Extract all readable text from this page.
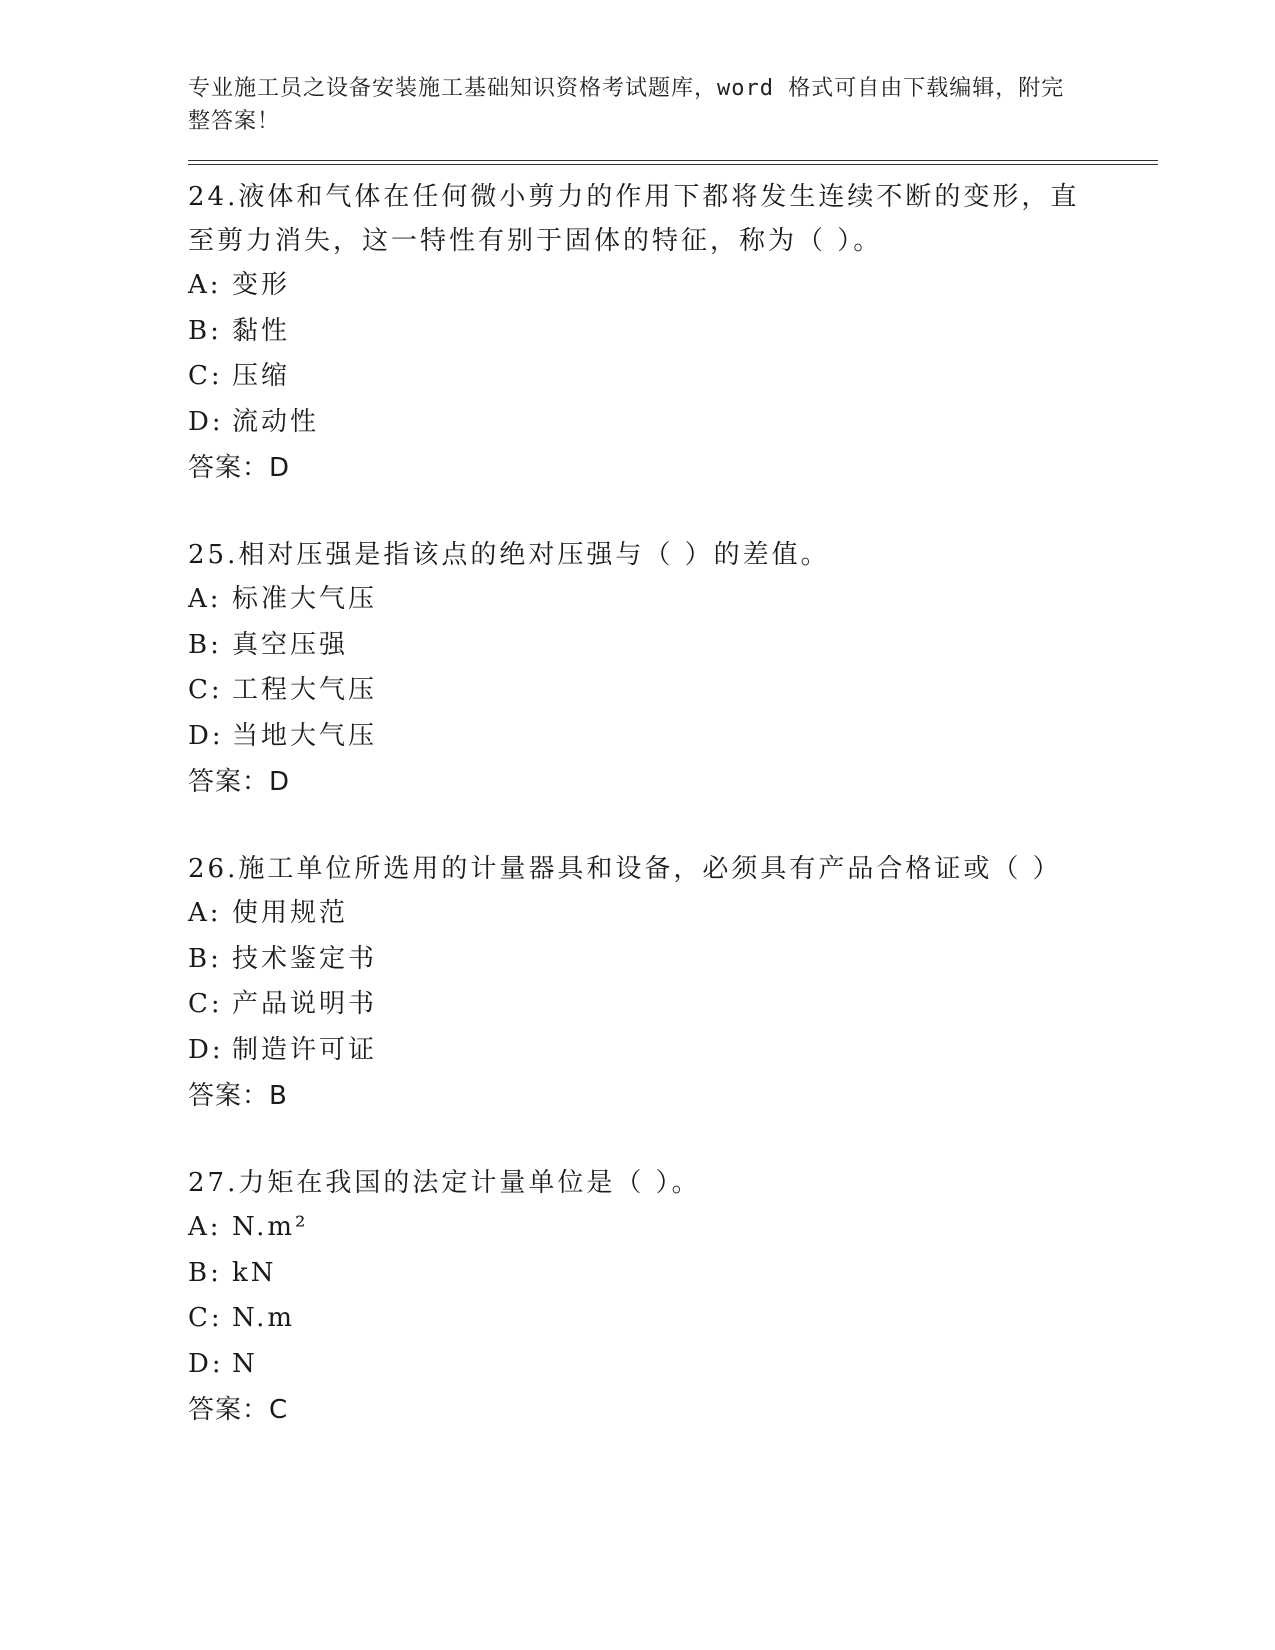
专业施工员之设备安装施工基础知识资格考试题库，word 格式可自由下载编辑，附完整答案！
24.液体和气体在任何微小剪力的作用下都将发生连续不断的变形，直至剪力消失，这一特性有别于固体的特征，称为（ ）。
A: 变形
B: 黏性
C: 压缩
D: 流动性
答案：D
25.相对压强是指该点的绝对压强与（ ）的差值。
A: 标准大气压
B: 真空压强
C: 工程大气压
D: 当地大气压
答案：D
26.施工单位所选用的计量器具和设备，必须具有产品合格证或（ ）
A: 使用规范
B: 技术鉴定书
C: 产品说明书
D: 制造许可证
答案：B
27.力矩在我国的法定计量单位是（ ）。
A: N.m²
B: kN
C: N.m
D: N
答案：C
